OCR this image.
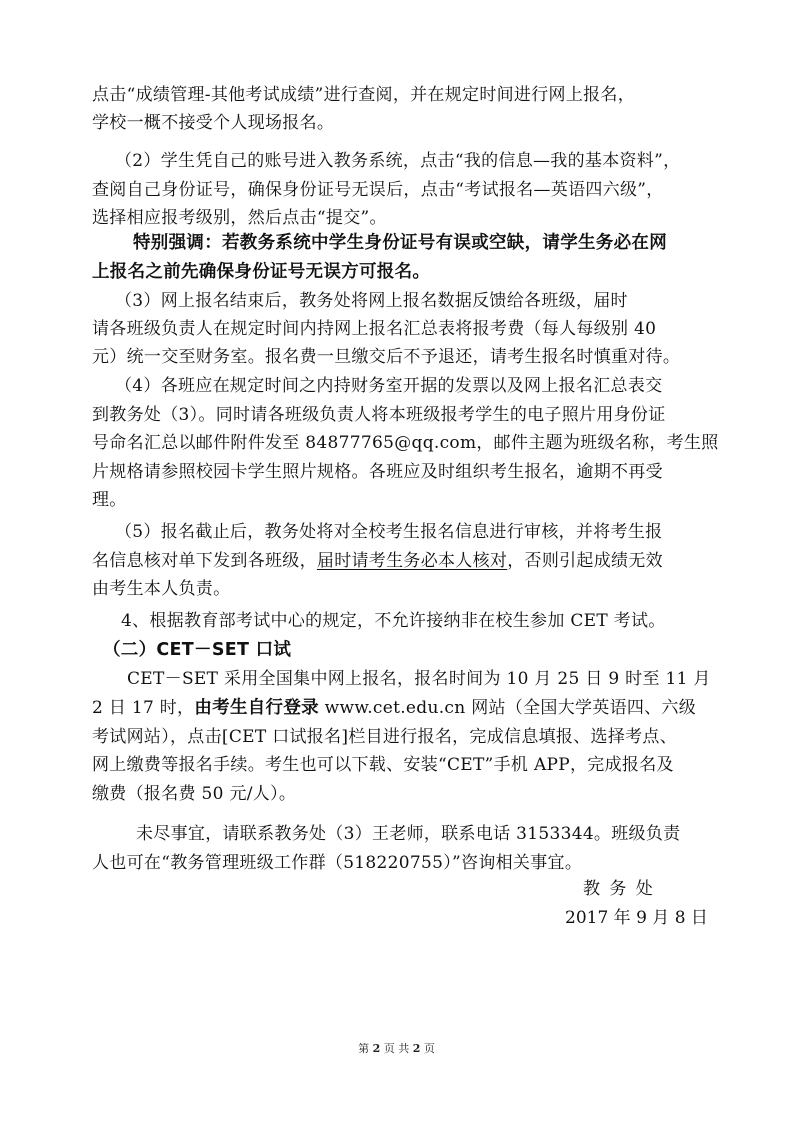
点击“成绩管理-其他考试成绩”进行查阅，并在规定时间进行网上报名，
学校一概不接受个人现场报名。
（2）学生凭自己的账号进入教务系统，点击“我的信息—我的基本资料”，
查阅自己身份证号，确保身份证号无误后，点击“考试报名—英语四六级”，
选择相应报考级别，然后点击“提交”。
特别强调：若教务系统中学生身份证号有误或空缺，请学生务必在网
上报名之前先确保身份证号无误方可报名。
（3）网上报名结束后，教务处将网上报名数据反馈给各班级，届时
请各班级负责人在规定时间内持网上报名汇总表将报考费（每人每级别 40
元）统一交至财务室。报名费一旦缴交后不予退还，请考生报名时慎重对待。
（4）各班应在规定时间之内持财务室开据的发票以及网上报名汇总表交
到教务处（3）。同时请各班级负责人将本班级报考学生的电子照片用身份证
号命名汇总以邮件附件发至 84877765@qq.com，邮件主题为班级名称，考生照
片规格请参照校园卡学生照片规格。各班应及时组织考生报名，逾期不再受
理。
（5）报名截止后，教务处将对全校考生报名信息进行审核，并将考生报
名信息核对单下发到各班级，届时请考生务必本人核对，否则引起成绩无效
由考生本人负责。
4、根据教育部考试中心的规定，不允许接纳非在校生参加 CET 考试。
（二）CET－SET 口试
CET－SET 采用全国集中网上报名，报名时间为 10 月 25 日 9 时至 11 月
2 日 17 时，由考生自行登录 www.cet.edu.cn 网站（全国大学英语四、六级
考试网站），点击[CET 口试报名]栏目进行报名，完成信息填报、选择考点、
网上缴费等报名手续。考生也可以下载、安装“CET”手机 APP，完成报名及
缴费（报名费 50 元/人）。
未尽事宜，请联系教务处（3）王老师，联系电话 3153344。班级负责
人也可在“教务管理班级工作群（518220755）”咨询相关事宜。
教 务 处
2017 年 9 月 8 日
第 2 页 共 2 页
